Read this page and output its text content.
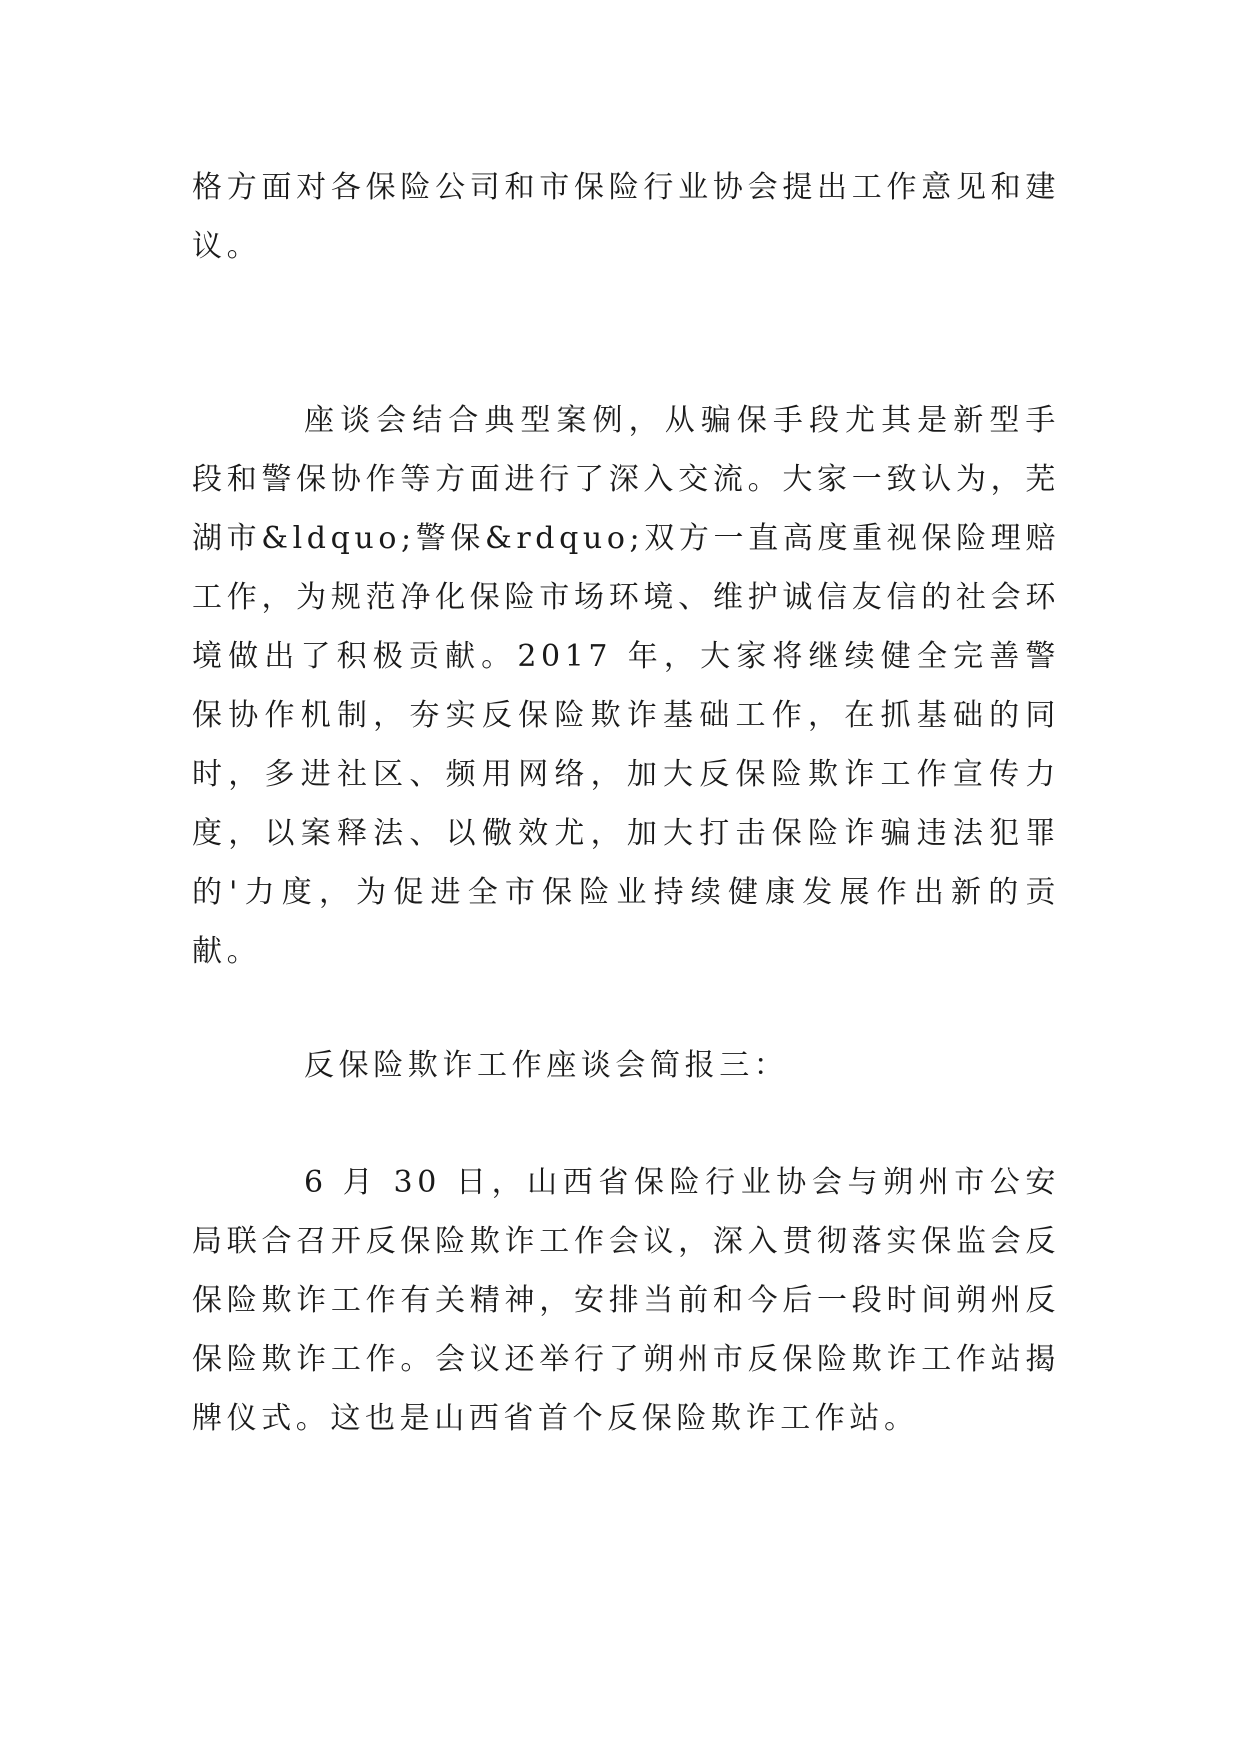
格方面对各保险公司和市保险行业协会提出工作意见和建议。

座谈会结合典型案例，从骗保手段尤其是新型手段和警保协作等方面进行了深入交流。大家一致认为，芜湖市&ldquo;警保&rdquo;双方一直高度重视保险理赔工作，为规范净化保险市场环境、维护诚信友信的社会环境做出了积极贡献。2017 年，大家将继续健全完善警保协作机制，夯实反保险欺诈基础工作，在抓基础的同时，多进社区、频用网络，加大反保险欺诈工作宣传力度，以案释法、以儆效尤，加大打击保险诈骗违法犯罪的'力度，为促进全市保险业持续健康发展作出新的贡献。

反保险欺诈工作座谈会简报三：

6 月 30 日，山西省保险行业协会与朔州市公安局联合召开反保险欺诈工作会议，深入贯彻落实保监会反保险欺诈工作有关精神，安排当前和今后一段时间朔州反保险欺诈工作。会议还举行了朔州市反保险欺诈工作站揭牌仪式。这也是山西省首个反保险欺诈工作站。
